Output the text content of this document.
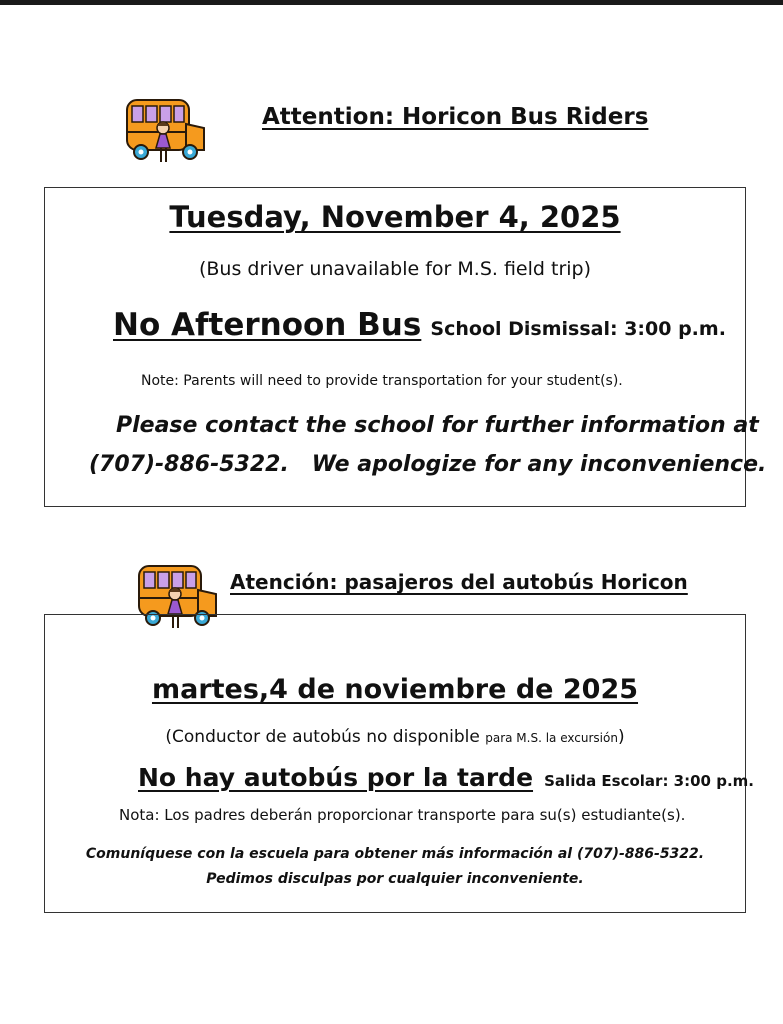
Attention: Horicon Bus Riders
Tuesday, November 4, 2025
(Bus driver unavailable for M.S. field trip)
No Afternoon Bus School Dismissal: 3:00 p.m.
Note: Parents will need to provide transportation for your student(s).
Please contact the school for further information at
(707)-886-5322.   We apologize for any inconvenience.
Atención: pasajeros del autobús Horicon
martes,4 de noviembre de 2025
(Conductor de autobús no disponible para M.S. la excursión)
No hay autobús por la tarde Salida Escolar: 3:00 p.m.
Nota: Los padres deberán proporcionar transporte para su(s) estudiante(s).
Comuníquese con la escuela para obtener más información al (707)-886-5322.
Pedimos disculpas por cualquier inconveniente.
